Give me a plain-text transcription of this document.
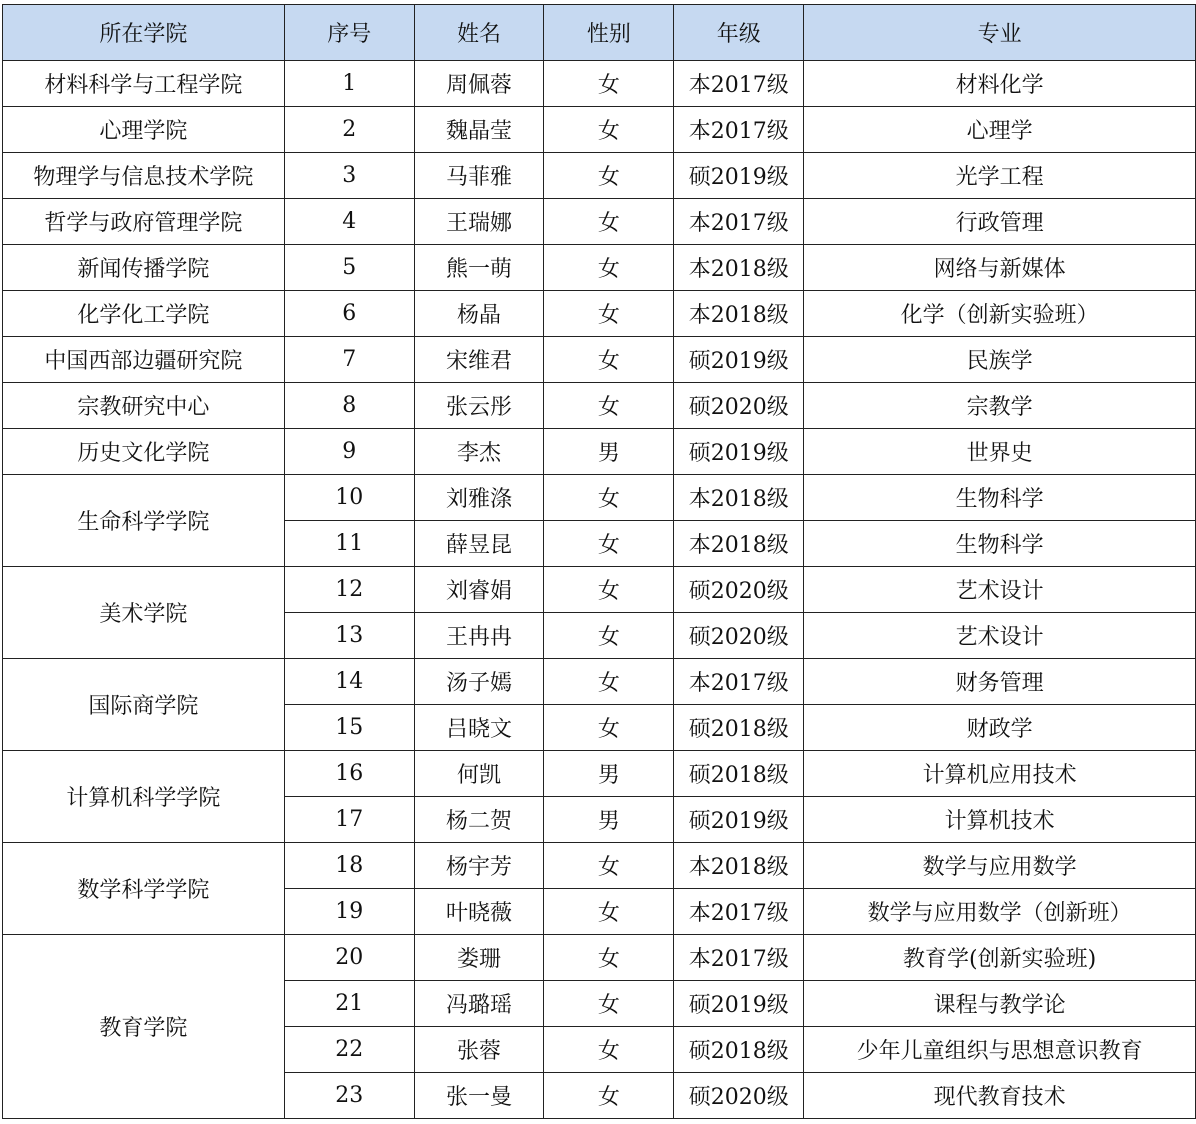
所在学院	序号	姓名	性别	年级	专业
材料科学与工程学院	1	周佩蓉	女	本2017级	材料化学
心理学院	2	魏晶莹	女	本2017级	心理学
物理学与信息技术学院	3	马菲雅	女	硕2019级	光学工程
哲学与政府管理学院	4	王瑞娜	女	本2017级	行政管理
新闻传播学院	5	熊一萌	女	本2018级	网络与新媒体
化学化工学院	6	杨晶	女	本2018级	化学（创新实验班）
中国西部边疆研究院	7	宋维君	女	硕2019级	民族学
宗教研究中心	8	张云彤	女	硕2020级	宗教学
历史文化学院	9	李杰	男	硕2019级	世界史
生命科学学院	10	刘雅涤	女	本2018级	生物科学
	11	薛昱昆	女	本2018级	生物科学
美术学院	12	刘睿娟	女	硕2020级	艺术设计
	13	王冉冉	女	硕2020级	艺术设计
国际商学院	14	汤子嫣	女	本2017级	财务管理
	15	吕晓文	女	硕2018级	财政学
计算机科学学院	16	何凯	男	硕2018级	计算机应用技术
	17	杨二贺	男	硕2019级	计算机技术
数学科学学院	18	杨宇芳	女	本2018级	数学与应用数学
	19	叶晓薇	女	本2017级	数学与应用数学（创新班）
教育学院	20	娄珊	女	本2017级	教育学(创新实验班)
	21	冯璐瑶	女	硕2019级	课程与教学论
	22	张蓉	女	硕2018级	少年儿童组织与思想意识教育
	23	张一曼	女	硕2020级	现代教育技术
